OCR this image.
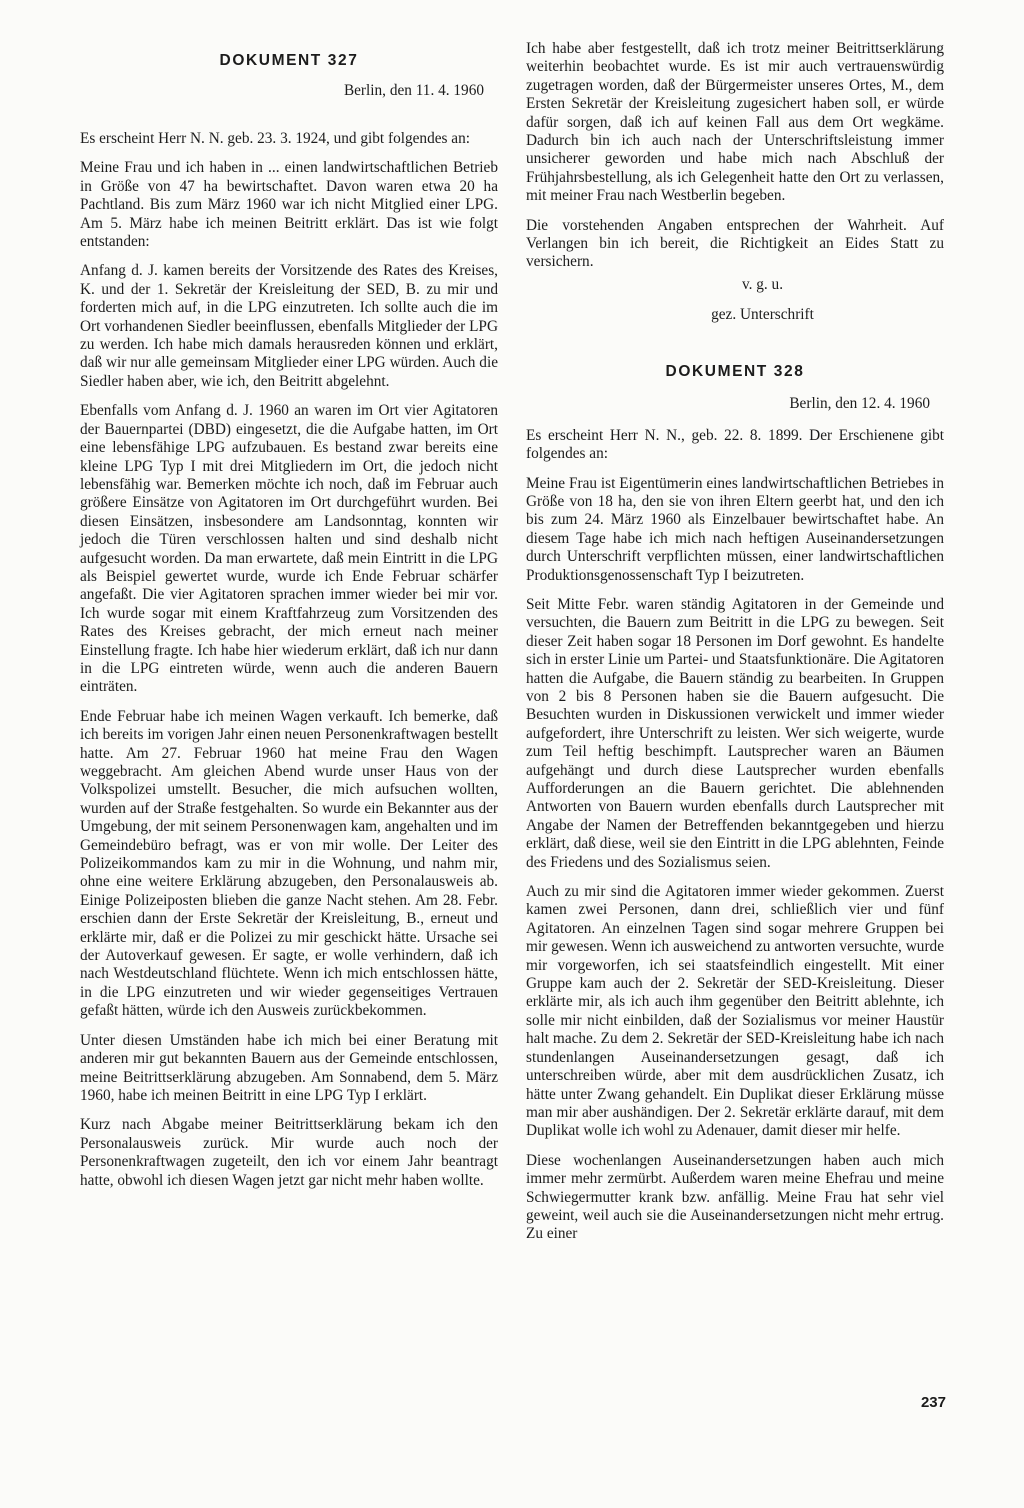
DOKUMENT 327
Berlin, den 11. 4. 1960

Es erscheint Herr N. N. geb. 23. 3. 1924, und gibt folgendes an:

Meine Frau und ich haben in ... einen landwirtschaftlichen Betrieb in Größe von 47 ha bewirtschaftet. Davon waren etwa 20 ha Pachtland. Bis zum März 1960 war ich nicht Mitglied einer LPG. Am 5. März habe ich meinen Beitritt erklärt. Das ist wie folgt entstanden:

Anfang d. J. kamen bereits der Vorsitzende des Rates des Kreises, K. und der 1. Sekretär der Kreisleitung der SED, B. zu mir und forderten mich auf, in die LPG einzutreten. Ich sollte auch die im Ort vorhandenen Siedler beeinflussen, ebenfalls Mitglieder der LPG zu werden. Ich habe mich damals herausreden können und erklärt, daß wir nur alle gemeinsam Mitglieder einer LPG würden. Auch die Siedler haben aber, wie ich, den Beitritt abgelehnt.

Ebenfalls vom Anfang d. J. 1960 an waren im Ort vier Agitatoren der Bauernpartei (DBD) eingesetzt, die die Aufgabe hatten, im Ort eine lebensfähige LPG aufzubauen. Es bestand zwar bereits eine kleine LPG Typ I mit drei Mitgliedern im Ort, die jedoch nicht lebensfähig war. Bemerken möchte ich noch, daß im Februar auch größere Einsätze von Agitatoren im Ort durchgeführt wurden. Bei diesen Einsätzen, insbesondere am Landsonntag, konnten wir jedoch die Türen verschlossen halten und sind deshalb nicht aufgesucht worden. Da man erwartete, daß mein Eintritt in die LPG als Beispiel gewertet wurde, wurde ich Ende Februar schärfer angefaßt. Die vier Agitatoren sprachen immer wieder bei mir vor. Ich wurde sogar mit einem Kraftfahrzeug zum Vorsitzenden des Rates des Kreises gebracht, der mich erneut nach meiner Einstellung fragte. Ich habe hier wiederum erklärt, daß ich nur dann in die LPG eintreten würde, wenn auch die anderen Bauern einträten.

Ende Februar habe ich meinen Wagen verkauft. Ich bemerke, daß ich bereits im vorigen Jahr einen neuen Personenkraftwagen bestellt hatte. Am 27. Februar 1960 hat meine Frau den Wagen weggebracht. Am gleichen Abend wurde unser Haus von der Volkspolizei umstellt. Besucher, die mich aufsuchen wollten, wurden auf der Straße festgehalten. So wurde ein Bekannter aus der Umgebung, der mit seinem Personenwagen kam, angehalten und im Gemeindebüro befragt, was er von mir wolle. Der Leiter des Polizeikommandos kam zu mir in die Wohnung, und nahm mir, ohne eine weitere Erklärung abzugeben, den Personalausweis ab. Einige Polizeiposten blieben die ganze Nacht stehen. Am 28. Febr. erschien dann der Erste Sekretär der Kreisleitung, B., erneut und erklärte mir, daß er die Polizei zu mir geschickt hätte. Ursache sei der Autoverkauf gewesen. Er sagte, er wolle verhindern, daß ich nach Westdeutschland flüchtete. Wenn ich mich entschlossen hätte, in die LPG einzutreten und wir wieder gegenseitiges Vertrauen gefaßt hätten, würde ich den Ausweis zurückbekommen.

Unter diesen Umständen habe ich mich bei einer Beratung mit anderen mir gut bekannten Bauern aus der Gemeinde entschlossen, meine Beitrittserklärung abzugeben. Am Sonnabend, dem 5. März 1960, habe ich meinen Beitritt in eine LPG Typ I erklärt.

Kurz nach Abgabe meiner Beitrittserklärung bekam ich den Personalausweis zurück. Mir wurde auch noch der Personenkraftwagen zugeteilt, den ich vor einem Jahr beantragt hatte, obwohl ich diesen Wagen jetzt gar nicht mehr haben wollte.

Ich habe aber festgestellt, daß ich trotz meiner Beitrittserklärung weiterhin beobachtet wurde. Es ist mir auch vertrauenswürdig zugetragen worden, daß der Bürgermeister unseres Ortes, M., dem Ersten Sekretär der Kreisleitung zugesichert haben soll, er würde dafür sorgen, daß ich auf keinen Fall aus dem Ort wegkäme. Dadurch bin ich auch nach der Unterschriftsleistung immer unsicherer geworden und habe mich nach Abschluß der Frühjahrsbestellung, als ich Gelegenheit hatte den Ort zu verlassen, mit meiner Frau nach Westberlin begeben.

Die vorstehenden Angaben entsprechen der Wahrheit. Auf Verlangen bin ich bereit, die Richtigkeit an Eides Statt zu versichern.

v. g. u.
gez. Unterschrift
DOKUMENT 328
Berlin, den 12. 4. 1960

Es erscheint Herr N. N., geb. 22. 8. 1899. Der Erschienene gibt folgendes an:

Meine Frau ist Eigentümerin eines landwirtschaftlichen Betriebes in Größe von 18 ha, den sie von ihren Eltern geerbt hat, und den ich bis zum 24. März 1960 als Einzelbauer bewirtschaftet habe. An diesem Tage habe ich mich nach heftigen Auseinandersetzungen durch Unterschrift verpflichten müssen, einer landwirtschaftlichen Produktionsgenossenschaft Typ I beizutreten.

Seit Mitte Febr. waren ständig Agitatoren in der Gemeinde und versuchten, die Bauern zum Beitritt in die LPG zu bewegen. Seit dieser Zeit haben sogar 18 Personen im Dorf gewohnt. Es handelte sich in erster Linie um Partei- und Staatsfunktionäre. Die Agitatoren hatten die Aufgabe, die Bauern ständig zu bearbeiten. In Gruppen von 2 bis 8 Personen haben sie die Bauern aufgesucht. Die Besuchten wurden in Diskussionen verwickelt und immer wieder aufgefordert, ihre Unterschrift zu leisten. Wer sich weigerte, wurde zum Teil heftig beschimpft. Lautsprecher waren an Bäumen aufgehängt und durch diese Lautsprecher wurden ebenfalls Aufforderungen an die Bauern gerichtet. Die ablehnenden Antworten von Bauern wurden ebenfalls durch Lautsprecher mit Angabe der Namen der Betreffenden bekanntgegeben und hierzu erklärt, daß diese, weil sie den Eintritt in die LPG ablehnten, Feinde des Friedens und des Sozialismus seien.

Auch zu mir sind die Agitatoren immer wieder gekommen. Zuerst kamen zwei Personen, dann drei, schließlich vier und fünf Agitatoren. An einzelnen Tagen sind sogar mehrere Gruppen bei mir gewesen. Wenn ich ausweichend zu antworten versuchte, wurde mir vorgeworfen, ich sei staatsfeindlich eingestellt. Mit einer Gruppe kam auch der 2. Sekretär der SED-Kreisleitung. Dieser erklärte mir, als ich auch ihm gegenüber den Beitritt ablehnte, ich solle mir nicht einbilden, daß der Sozialismus vor meiner Haustür halt mache. Zu dem 2. Sekretär der SED-Kreisleitung habe ich nach stundenlangen Auseinandersetzungen gesagt, daß ich unterschreiben würde, aber mit dem ausdrücklichen Zusatz, ich hätte unter Zwang gehandelt. Ein Duplikat dieser Erklärung müsse man mir aber aushändigen. Der 2. Sekretär erklärte darauf, mit dem Duplikat wolle ich wohl zu Adenauer, damit dieser mir helfe.

Diese wochenlangen Auseinandersetzungen haben auch mich immer mehr zermürbt. Außerdem waren meine Ehefrau und meine Schwiegermutter krank bzw. anfällig. Meine Frau hat sehr viel geweint, weil auch sie die Auseinandersetzungen nicht mehr ertrug. Zu einer

237
